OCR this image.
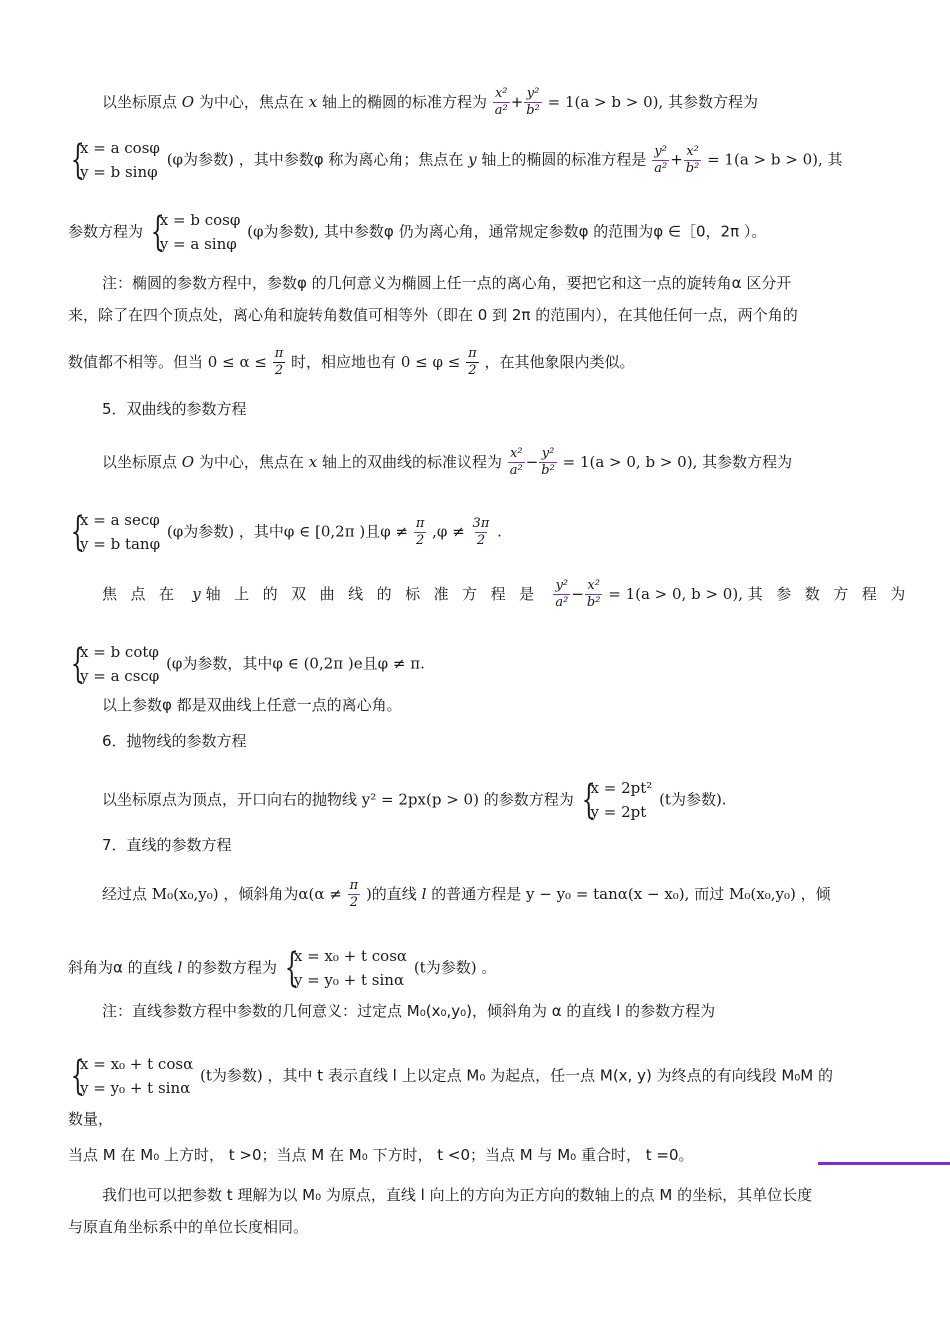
以坐标原点 O 为中心，焦点在 x 轴上的椭圆的标准方程为 $\frac{\text{x²}}{\text{a²}} + \frac{\text{y²}}{\text{b²}} = 1(a > b > 0)$, 其参数方程为
{
x = a cosφ
y = b sinφ
(φ为参数) ，其中参数φ 称为离心角；焦点在 y 轴上的椭圆的标准方程是 $\frac{\text{y²}}{\text{a²}} + \frac{\text{x²}}{\text{b²}} = 1(a > b > 0)$, 其
参数方程为 {
x = b cosφ
y = a sinφ
(φ为参数), 其中参数φ 仍为离心角，通常规定参数φ 的范围为φ ∈［0，2π ）。
注：椭圆的参数方程中，参数φ 的几何意义为椭圆上任一点的离心角，要把它和这一点的旋转角α 区分开
来，除了在四个顶点处，离心角和旋转角数值可相等外（即在 0 到 2π 的范围内），在其他任何一点，两个角的
数值都不相等。但当 $0 \le \alpha \le \frac{\pi}{2}$ 时，相应地也有 $0 \le \varphi \le \frac{\pi}{2}$ ，在其他象限内类似。
5．双曲线的参数方程
以坐标原点 O 为中心，焦点在 x 轴上的双曲线的标准议程为 $\frac{\text{x²}}{\text{a²}} - \frac{\text{y²}}{\text{b²}} = 1(a > 0$, b > 0), 其参数方程为
{
x = a secφ
y = b tanφ
(φ为参数) ，其中φ ∈ [0,2π )且$\varphi \ne \frac{\pi}{2} ,\varphi \ne \frac{3\pi}{2}$ .
焦点在 y 轴上的双曲线的标准方程是 $\frac{\text{y²}}{\text{a²}} - \frac{\text{x²}}{\text{b²}} = 1(a > 0$, b > 0), 其参数方程为
{
x = b cotφ
y = a cscφ
(φ为参数，其中φ ∈ (0,2π )e且φ ≠ π.
以上参数φ 都是双曲线上任意一点的离心角。
6．抛物线的参数方程
以坐标原点为顶点，开口向右的抛物线 y² = 2px(p > 0) 的参数方程为 {
x = 2pt²
y = 2pt
(t为参数).
7．直线的参数方程
经过点 M₀(x₀,y₀) ，倾斜角为$\alpha(\alpha \ne \frac{\pi}{2}$ )的直线 l 的普通方程是 y − y₀ = tanα(x − x₀), 而过 M₀(x₀,y₀) ，倾
斜角为α 的直线 l 的参数方程为 {
x = x₀ + t cosα
y = y₀ + t sinα
(t为参数) 。
注：直线参数方程中参数的几何意义：过定点 M₀(x₀,y₀)，倾斜角为 α 的直线 l 的参数方程为
{
x = x₀ + t cosα
y = y₀ + t sinα
(t为参数) ，其中 t 表示直线 l 上以定点 M₀ 为起点，任一点 M(x, y) 为终点的有向线段 M₀M 的
数量，
当点 M 在 M₀ 上方时， t >0；当点 M 在 M₀ 下方时， t <0；当点 M 与 M₀ 重合时， t =0。
我们也可以把参数 t 理解为以 M₀ 为原点，直线 l 向上的方向为正方向的数轴上的点 M 的坐标，其单位长度
与原直角坐标系中的单位长度相同。
